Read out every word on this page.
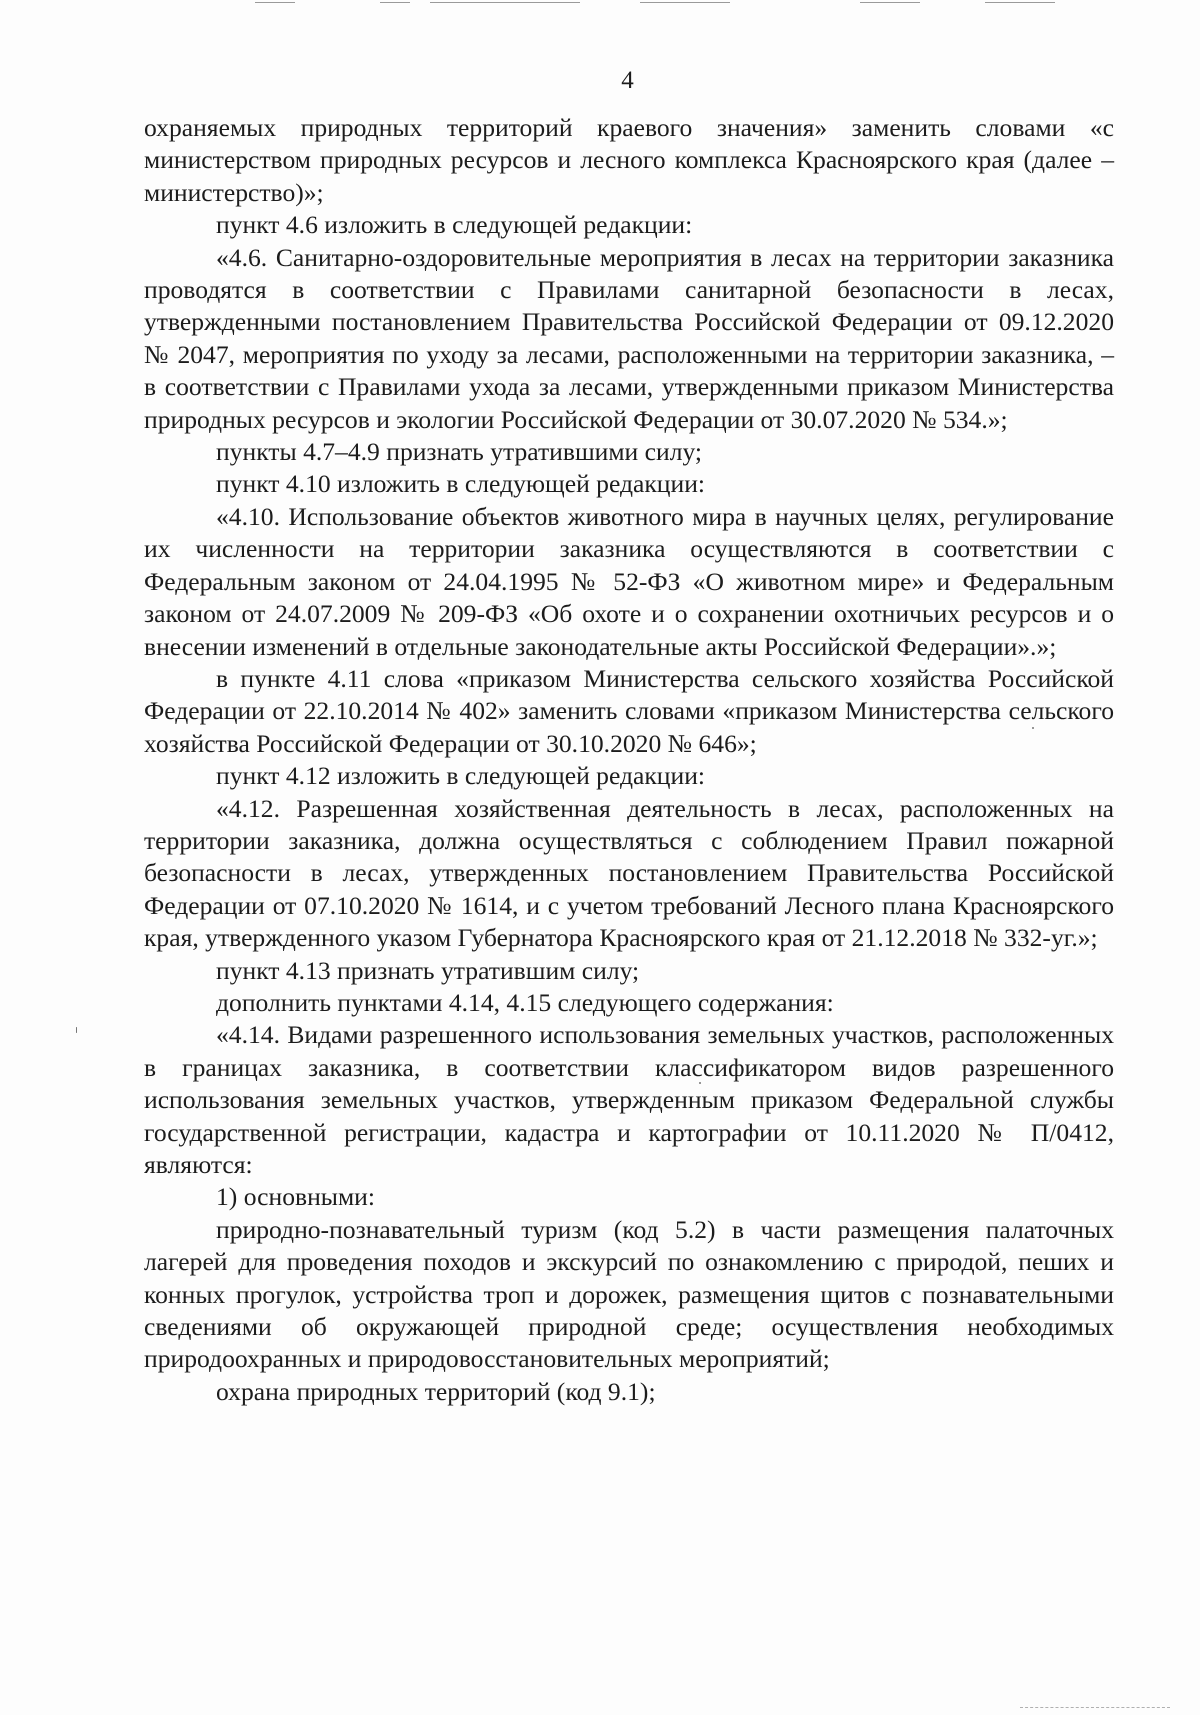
4

охраняемых природных территорий краевого значения» заменить словами «с министерством природных ресурсов и лесного комплекса Красноярского края (далее – министерство)»;

пункт 4.6 изложить в следующей редакции:

«4.6. Санитарно-оздоровительные мероприятия в лесах на территории заказника проводятся в соответствии с Правилами санитарной безопасности в лесах, утвержденными постановлением Правительства Российской Федерации от 09.12.2020 № 2047, мероприятия по уходу за лесами, расположенными на территории заказника, – в соответствии с Правилами ухода за лесами, утвержденными приказом Министерства природных ресурсов и экологии Российской Федерации от 30.07.2020 № 534.»;

пункты 4.7–4.9 признать утратившими силу;

пункт 4.10 изложить в следующей редакции:

«4.10. Использование объектов животного мира в научных целях, регулирование их численности на территории заказника осуществляются в соответствии с Федеральным законом от 24.04.1995 № 52-ФЗ «О животном мире» и Федеральным законом от 24.07.2009 № 209-ФЗ «Об охоте и о сохранении охотничьих ресурсов и о внесении изменений в отдельные законодательные акты Российской Федерации».»;

в пункте 4.11 слова «приказом Министерства сельского хозяйства Российской Федерации от 22.10.2014 № 402» заменить словами «приказом Министерства сельского хозяйства Российской Федерации от 30.10.2020 № 646»;

пункт 4.12 изложить в следующей редакции:

«4.12. Разрешенная хозяйственная деятельность в лесах, расположенных на территории заказника, должна осуществляться с соблюдением Правил пожарной безопасности в лесах, утвержденных постановлением Правительства Российской Федерации от 07.10.2020 № 1614, и с учетом требований Лесного плана Красноярского края, утвержденного указом Губернатора Красноярского края от 21.12.2018 № 332-уг.»;

пункт 4.13 признать утратившим силу;

дополнить пунктами 4.14, 4.15 следующего содержания:

«4.14. Видами разрешенного использования земельных участков, расположенных в границах заказника, в соответствии классификатором видов разрешенного использования земельных участков, утвержденным приказом Федеральной службы государственной регистрации, кадастра и картографии от 10.11.2020 № П/0412, являются:

1) основными:

природно-познавательный туризм (код 5.2) в части размещения палаточных лагерей для проведения походов и экскурсий по ознакомлению с природой, пеших и конных прогулок, устройства троп и дорожек, размещения щитов с познавательными сведениями об окружающей природной среде; осуществления необходимых природоохранных и природовосстановительных мероприятий;

охрана природных территорий (код 9.1);
